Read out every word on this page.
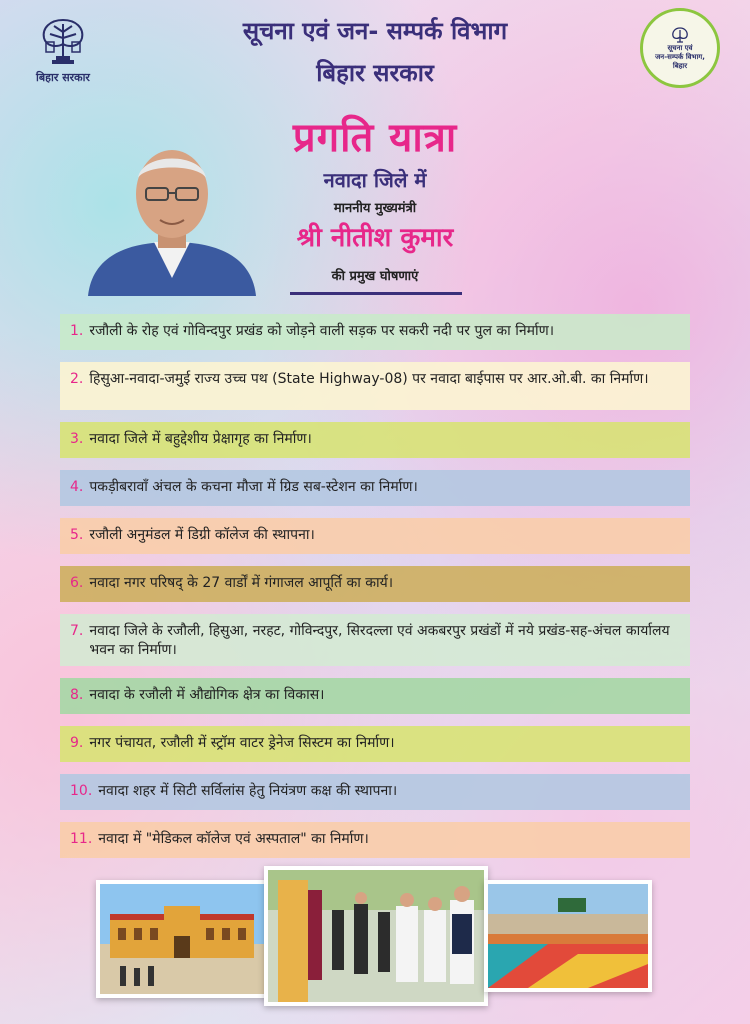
बिहार सरकार
सूचना एवं
जन-सम्पर्क विभाग,
बिहार
सूचना एवं जन- सम्पर्क विभाग
बिहार सरकार
प्रगति यात्रा
नवादा जिले में
माननीय मुख्यमंत्री
श्री नीतीश कुमार
की प्रमुख घोषणाएं
1. रजौली के रोह एवं गोविन्दपुर प्रखंड को जोड़ने वाली सड़क पर सकरी नदी पर पुल का निर्माण।
2. हिसुआ-नवादा-जमुई राज्य उच्च पथ (State Highway-08) पर नवादा बाईपास पर आर.ओ.बी. का निर्माण।
3. नवादा जिले में बहुद्देशीय प्रेक्षागृह का निर्माण।
4. पकड़ीबरावाँ अंचल के कचना मौजा में ग्रिड सब-स्टेशन का निर्माण।
5. रजौली अनुमंडल में डिग्री कॉलेज की स्थापना।
6. नवादा नगर परिषद् के 27 वार्डों में गंगाजल आपूर्ति का कार्य।
7. नवादा जिले के रजौली, हिसुआ, नरहट, गोविन्दपुर, सिरदल्ला एवं अकबरपुर प्रखंडों में नये प्रखंड-सह-अंचल कार्यालय भवन का निर्माण।
8. नवादा के रजौली में औद्योगिक क्षेत्र का विकास।
9. नगर पंचायत, रजौली में स्ट्रॉम वाटर ड्रेनेज सिस्टम का निर्माण।
10. नवादा शहर में सिटी सर्विलांस हेतु नियंत्रण कक्ष की स्थापना।
11. नवादा में "मेडिकल कॉलेज एवं अस्पताल" का निर्माण।
